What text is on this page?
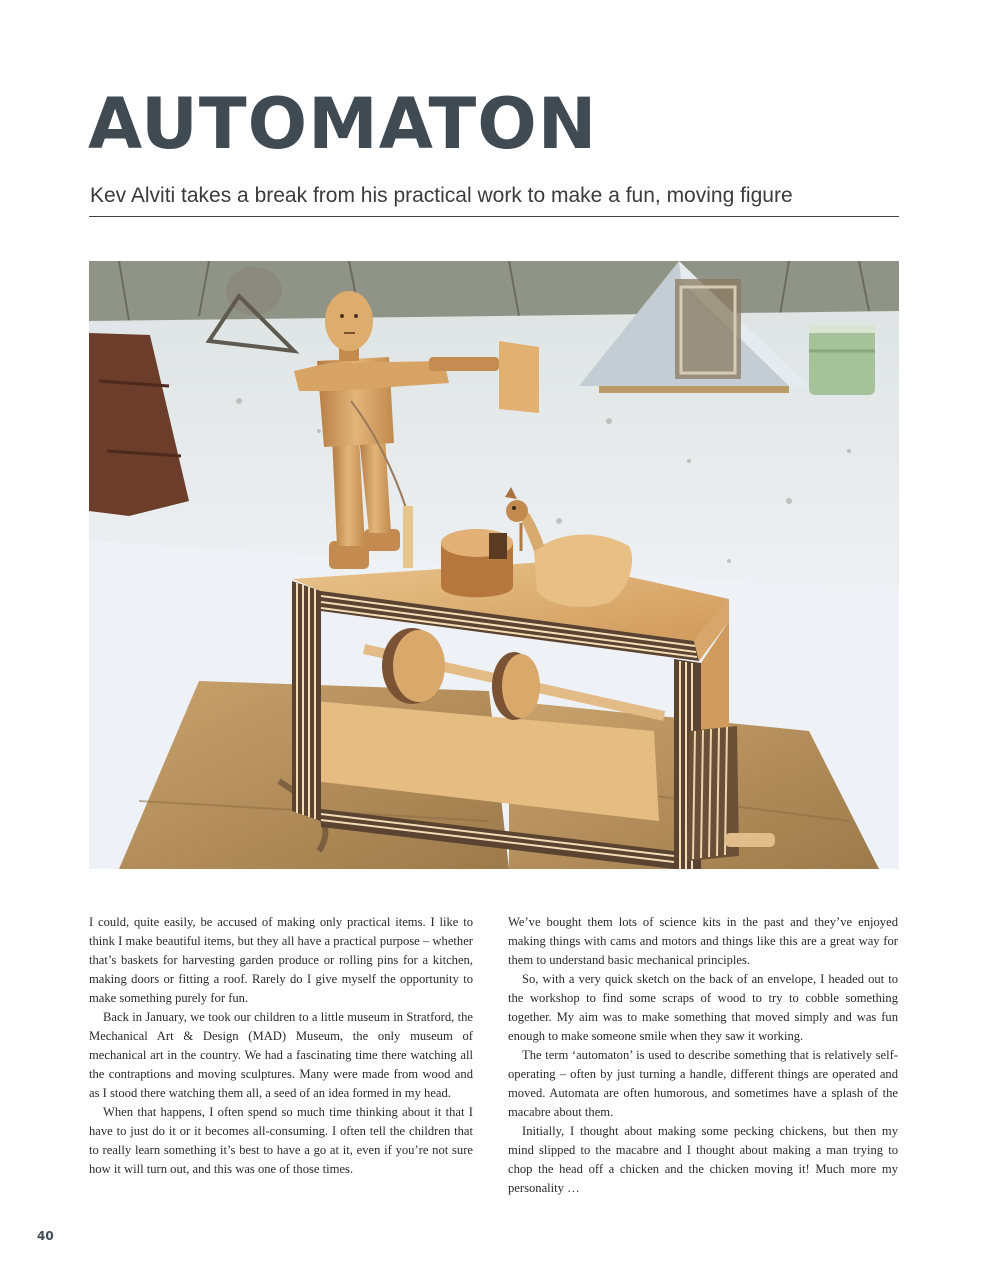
AUTOMATON

Kev Alviti takes a break from his practical work to make a fun, moving figure

I could, quite easily, be accused of making only practical items. I like to think I make beautiful items, but they all have a practical purpose – whether that’s baskets for harvesting garden produce or rolling pins for a kitchen, making doors or fitting a roof. Rarely do I give myself the opportunity to make something purely for fun.

Back in January, we took our children to a little museum in Stratford, the Mechanical Art & Design (MAD) Museum, the only museum of mechanical art in the country. We had a fascinating time there watching all the contraptions and moving sculptures. Many were made from wood and as I stood there watching them all, a seed of an idea formed in my head.

When that happens, I often spend so much time thinking about it that I have to just do it or it becomes all-consuming. I often tell the children that to really learn something it’s best to have a go at it, even if you’re not sure how it will turn out, and this was one of those times.

We’ve bought them lots of science kits in the past and they’ve enjoyed making things with cams and motors and things like this are a great way for them to understand basic mechanical principles.

So, with a very quick sketch on the back of an envelope, I headed out to the workshop to find some scraps of wood to try to cobble something together. My aim was to make something that moved simply and was fun enough to make someone smile when they saw it working.

The term ‘automaton’ is used to describe something that is relatively self-operating – often by just turning a handle, different things are operated and moved. Automata are often humorous, and sometimes have a splash of the macabre about them.

Initially, I thought about making some pecking chickens, but then my mind slipped to the macabre and I thought about making a man trying to chop the head off a chicken and the chicken moving it! Much more my personality …

40
